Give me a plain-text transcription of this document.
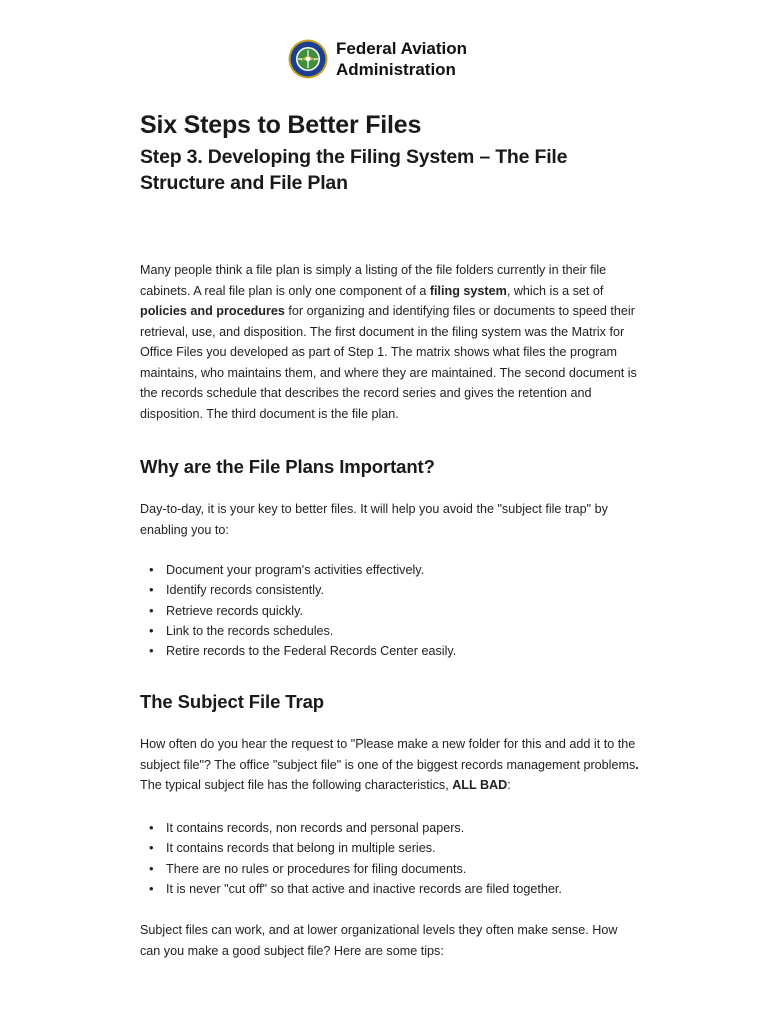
Federal Aviation
Administration
Six Steps to Better Files
Step 3. Developing the Filing System – The File Structure and File Plan

Many people think a file plan is simply a listing of the file folders currently in their file cabinets. A real file plan is only one component of a filing system, which is a set of policies and procedures for organizing and identifying files or documents to speed their retrieval, use, and disposition. The first document in the filing system was the Matrix for Office Files you developed as part of Step 1. The matrix shows what files the program maintains, who maintains them, and where they are maintained. The second document is the records schedule that describes the record series and gives the retention and disposition. The third document is the file plan.

Why are the File Plans Important?

Day-to-day, it is your key to better files. It will help you avoid the "subject file trap" by enabling you to:

• Document your program's activities effectively.
• Identify records consistently.
• Retrieve records quickly.
• Link to the records schedules.
• Retire records to the Federal Records Center easily.
The Subject File Trap

How often do you hear the request to "Please make a new folder for this and add it to the subject file"? The office "subject file" is one of the biggest records management problems. The typical subject file has the following characteristics, ALL BAD:

• It contains records, non records and personal papers.
• It contains records that belong in multiple series.
• There are no rules or procedures for filing documents.
• It is never "cut off" so that active and inactive records are filed together.

Subject files can work, and at lower organizational levels they often make sense. How can you make a good subject file? Here are some tips:
